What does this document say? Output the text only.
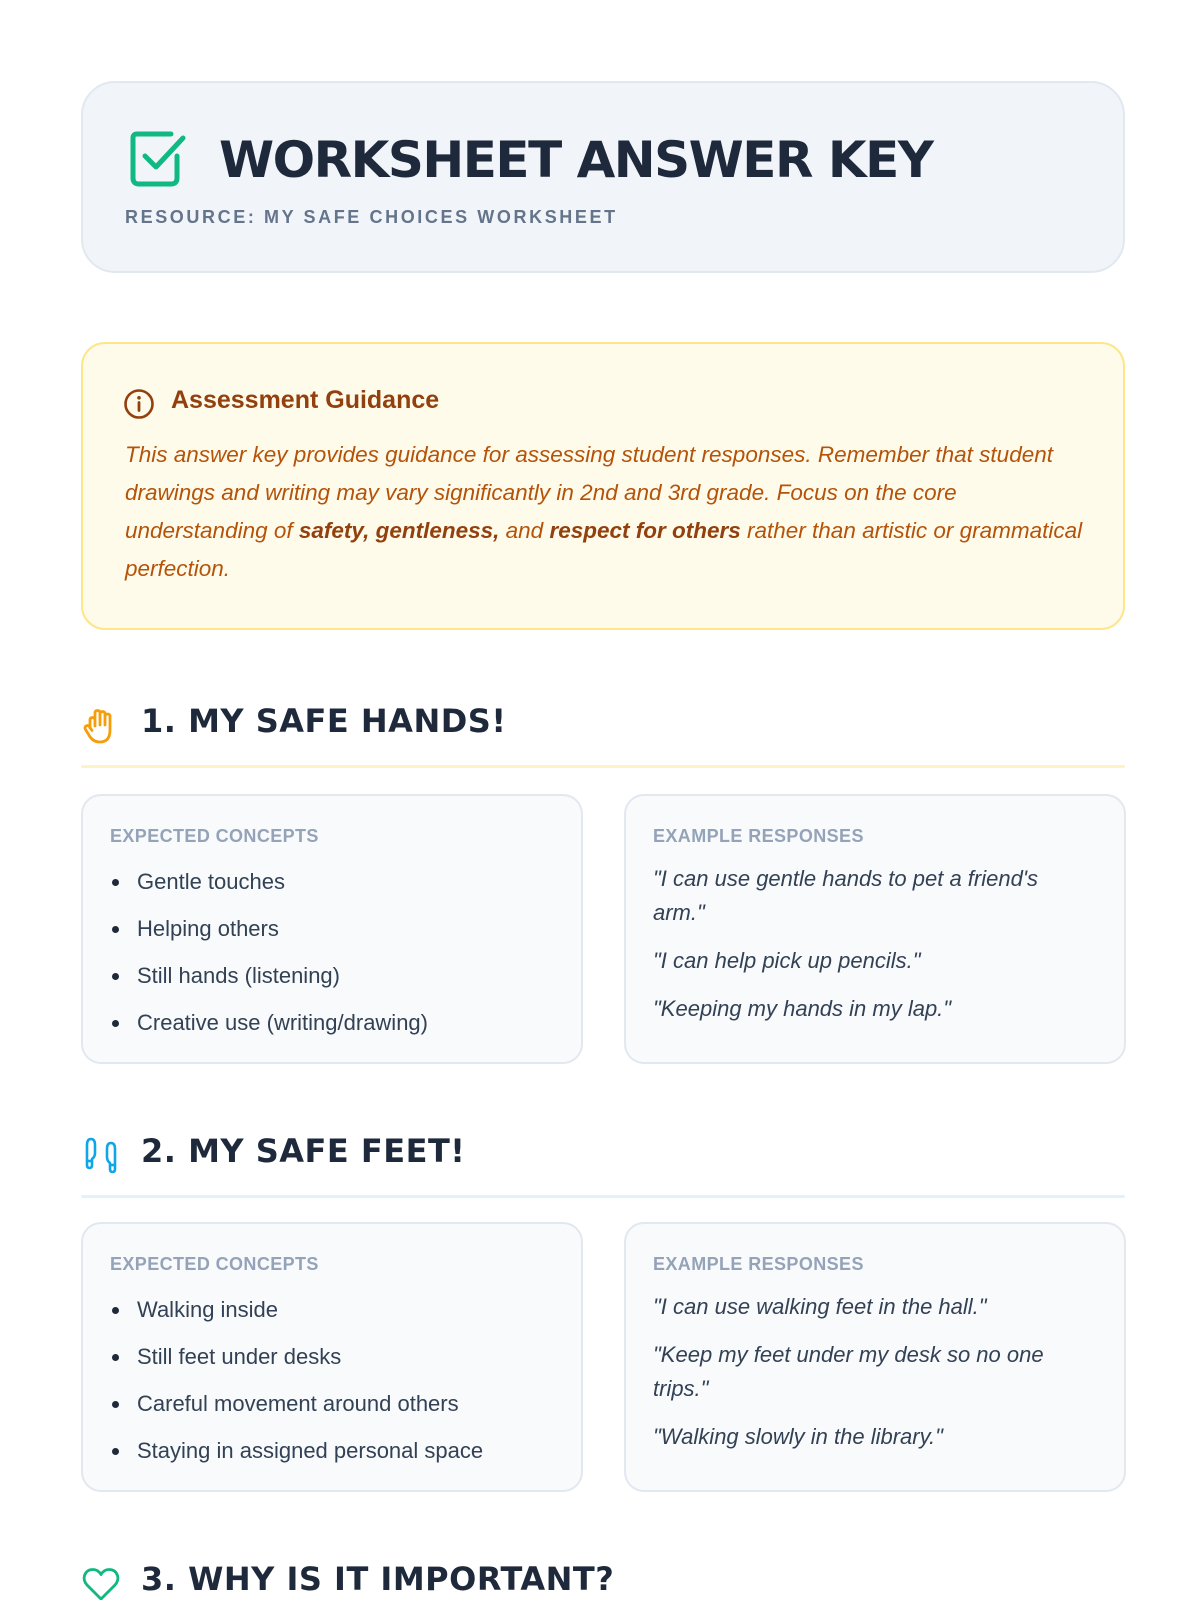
WORKSHEET ANSWER KEY
RESOURCE: MY SAFE CHOICES WORKSHEET
Assessment Guidance
This answer key provides guidance for assessing student responses. Remember that student drawings and writing may vary significantly in 2nd and 3rd grade. Focus on the core understanding of safety, gentleness, and respect for others rather than artistic or grammatical perfection.
1. MY SAFE HANDS!
EXPECTED CONCEPTS
Gentle touches
Helping others
Still hands (listening)
Creative use (writing/drawing)
EXAMPLE RESPONSES

"I can use gentle hands to pet a friend's arm."

"I can help pick up pencils."

"Keeping my hands in my lap."

2. MY SAFE FEET!
EXPECTED CONCEPTS
Walking inside
Still feet under desks
Careful movement around others
Staying in assigned personal space
EXAMPLE RESPONSES

"I can use walking feet in the hall."

"Keep my feet under my desk so no one trips."

"Walking slowly in the library."

3. WHY IS IT IMPORTANT?
